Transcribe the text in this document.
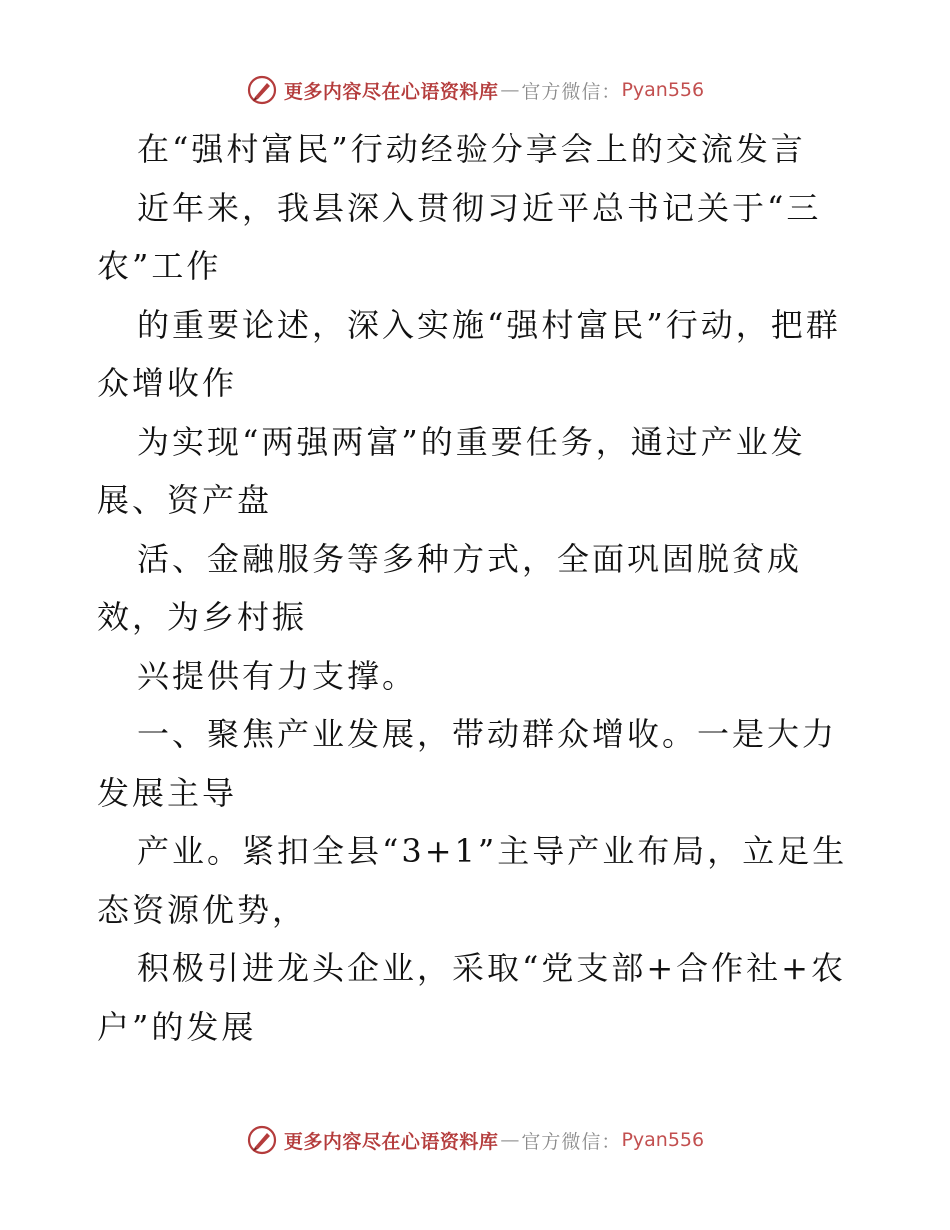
更多内容尽在心语资料库 — 官方微信： Pyan556

在“强村富民”行动经验分享会上的交流发言

近年来，我县深入贯彻习近平总书记关于“三农”工作

的重要论述，深入实施“强村富民”行动，把群众增收作

为实现“两强两富”的重要任务，通过产业发展、资产盘

活、金融服务等多种方式，全面巩固脱贫成效，为乡村振

兴提供有力支撑。

一、聚焦产业发展，带动群众增收。一是大力发展主导

产业。紧扣全县“3+1”主导产业布局，立足生态资源优势，

积极引进龙头企业，采取“党支部+合作社+农户”的发展

更多内容尽在心语资料库 — 官方微信： Pyan556
